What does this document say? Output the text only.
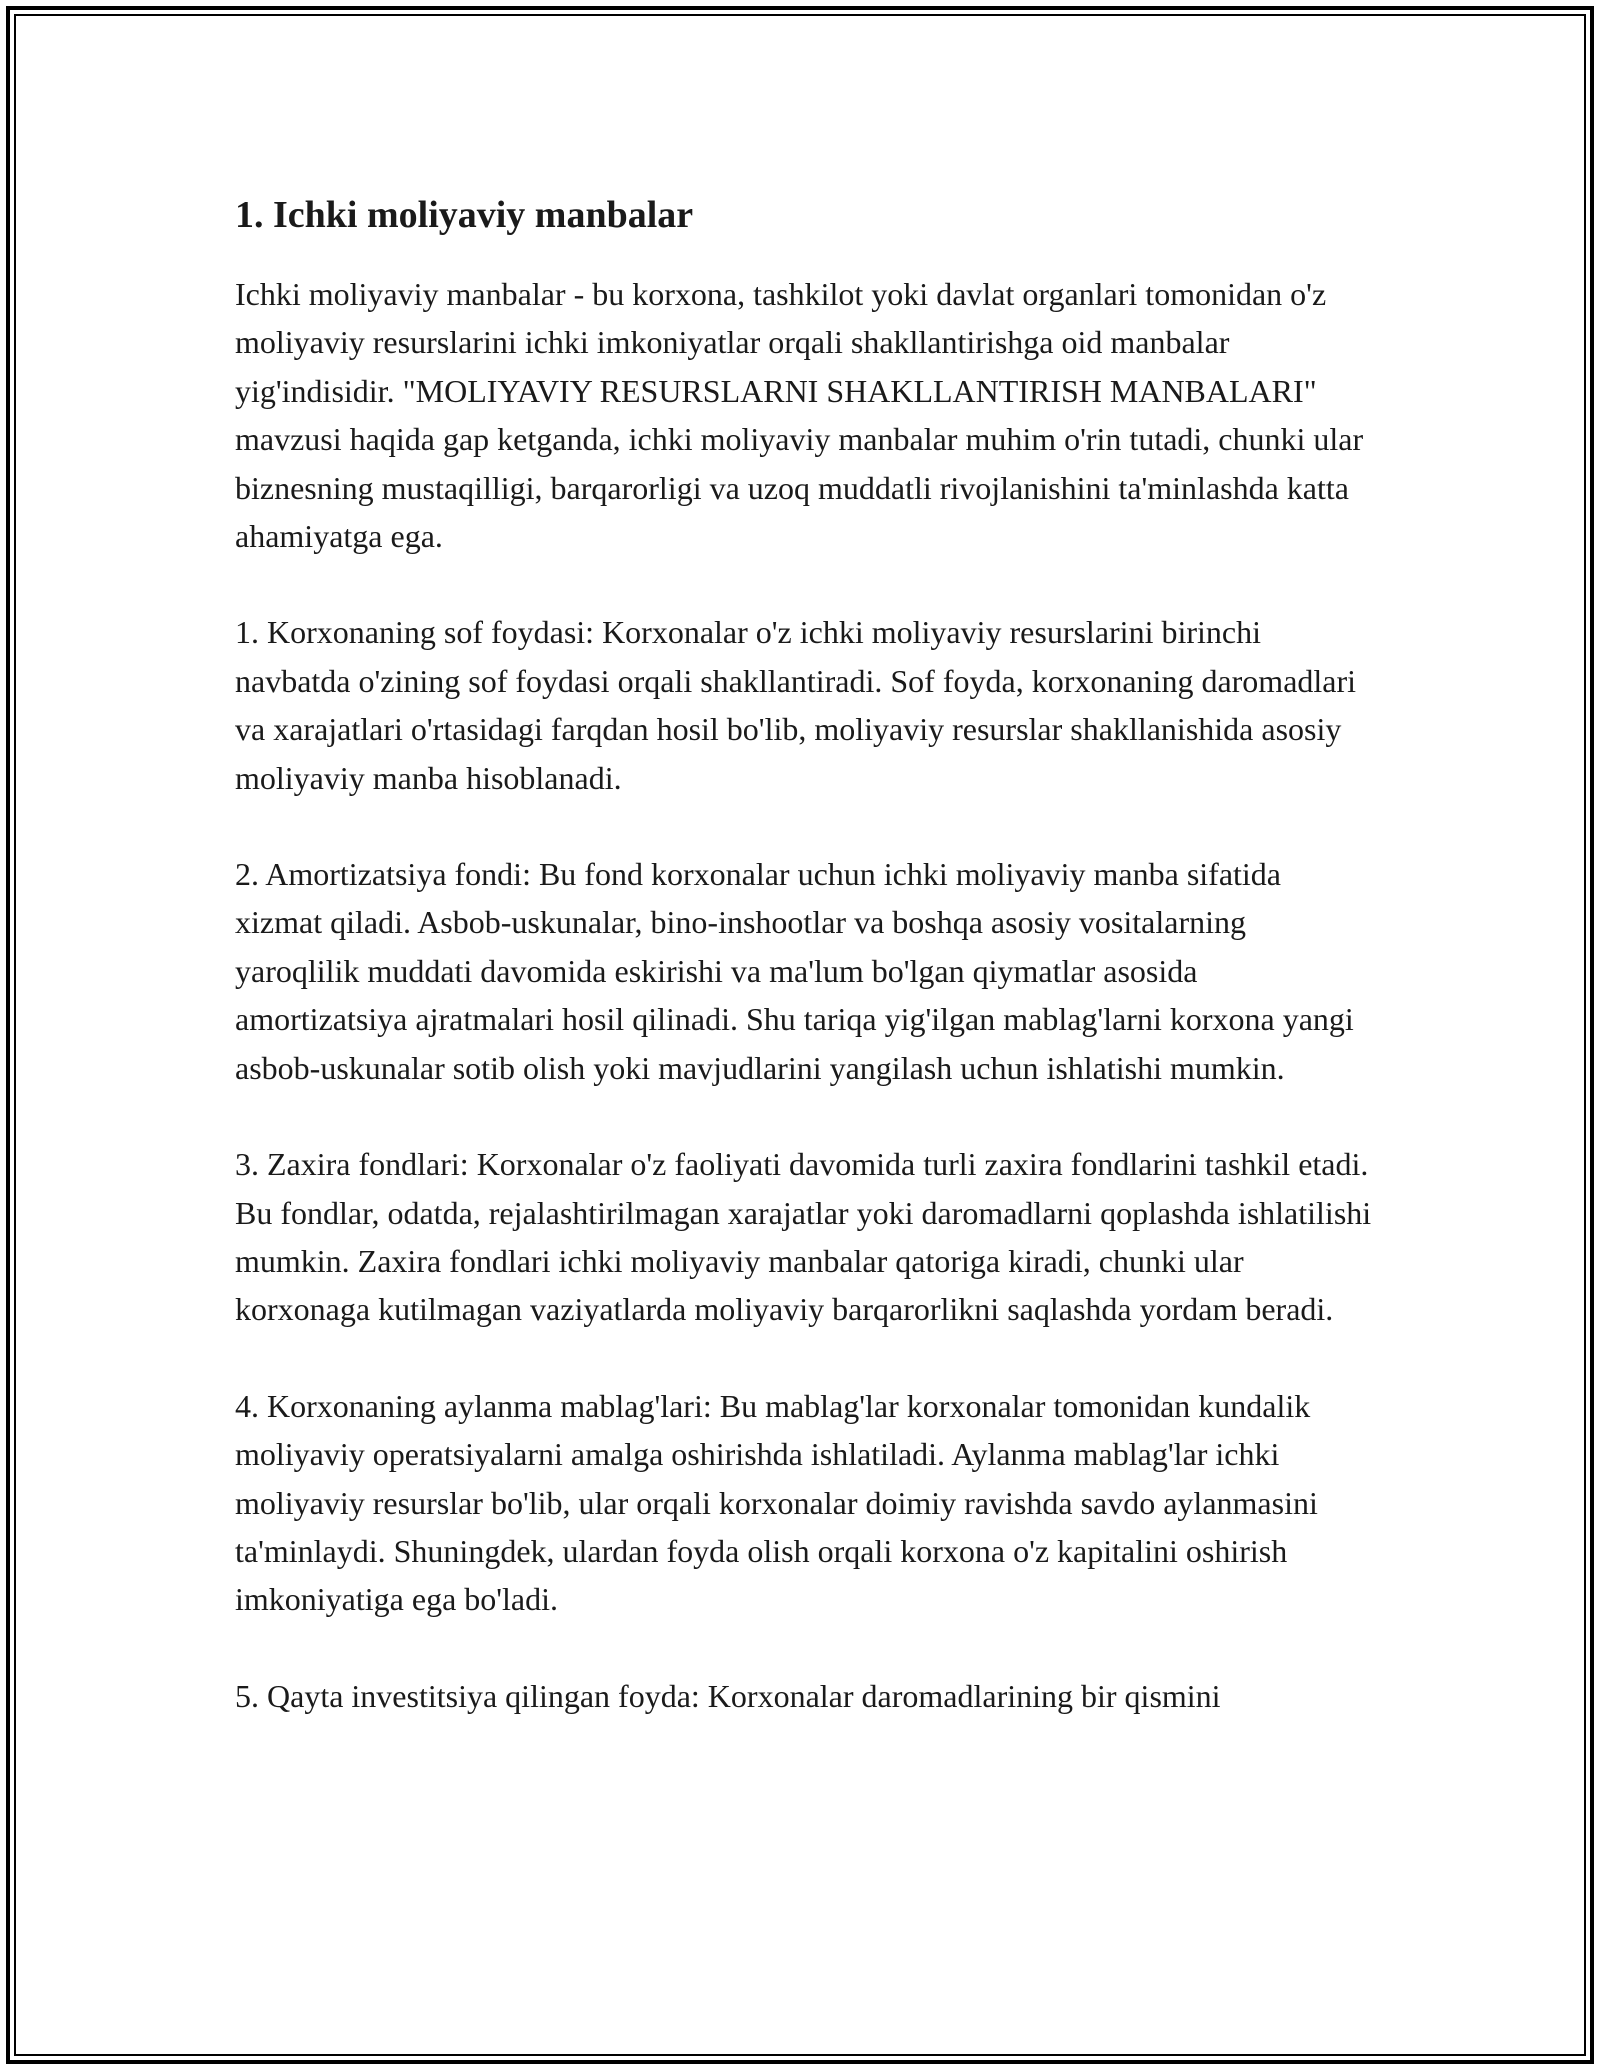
1. Ichki moliyaviy manbalar

Ichki moliyaviy manbalar - bu korxona, tashkilot yoki davlat organlari tomonidan o'z moliyaviy resurslarini ichki imkoniyatlar orqali shakllantirishga oid manbalar yig'indisidir. "MOLIYAVIY RESURSLARNI SHAKLLANTIRISH MANBALARI" mavzusi haqida gap ketganda, ichki moliyaviy manbalar muhim o'rin tutadi, chunki ular biznesning mustaqilligi, barqarorligi va uzoq muddatli rivojlanishini ta'minlashda katta ahamiyatga ega.

1. Korxonaning sof foydasi: Korxonalar o'z ichki moliyaviy resurslarini birinchi navbatda o'zining sof foydasi orqali shakllantiradi. Sof foyda, korxonaning daromadlari va xarajatlari o'rtasidagi farqdan hosil bo'lib, moliyaviy resurslar shakllanishida asosiy moliyaviy manba hisoblanadi.

2. Amortizatsiya fondi: Bu fond korxonalar uchun ichki moliyaviy manba sifatida xizmat qiladi. Asbob-uskunalar, bino-inshootlar va boshqa asosiy vositalarning yaroqlilik muddati davomida eskirishi va ma'lum bo'lgan qiymatlar asosida amortizatsiya ajratmalari hosil qilinadi. Shu tariqa yig'ilgan mablag'larni korxona yangi asbob-uskunalar sotib olish yoki mavjudlarini yangilash uchun ishlatishi mumkin.

3. Zaxira fondlari: Korxonalar o'z faoliyati davomida turli zaxira fondlarini tashkil etadi. Bu fondlar, odatda, rejalashtirilmagan xarajatlar yoki daromadlarni qoplashda ishlatilishi mumkin. Zaxira fondlari ichki moliyaviy manbalar qatoriga kiradi, chunki ular korxonaga kutilmagan vaziyatlarda moliyaviy barqarorlikni saqlashda yordam beradi.

4. Korxonaning aylanma mablag'lari: Bu mablag'lar korxonalar tomonidan kundalik moliyaviy operatsiyalarni amalga oshirishda ishlatiladi. Aylanma mablag'lar ichki moliyaviy resurslar bo'lib, ular orqali korxonalar doimiy ravishda savdo aylanmasini ta'minlaydi. Shuningdek, ulardan foyda olish orqali korxona o'z kapitalini oshirish imkoniyatiga ega bo'ladi.

5. Qayta investitsiya qilingan foyda: Korxonalar daromadlarining bir qismini
